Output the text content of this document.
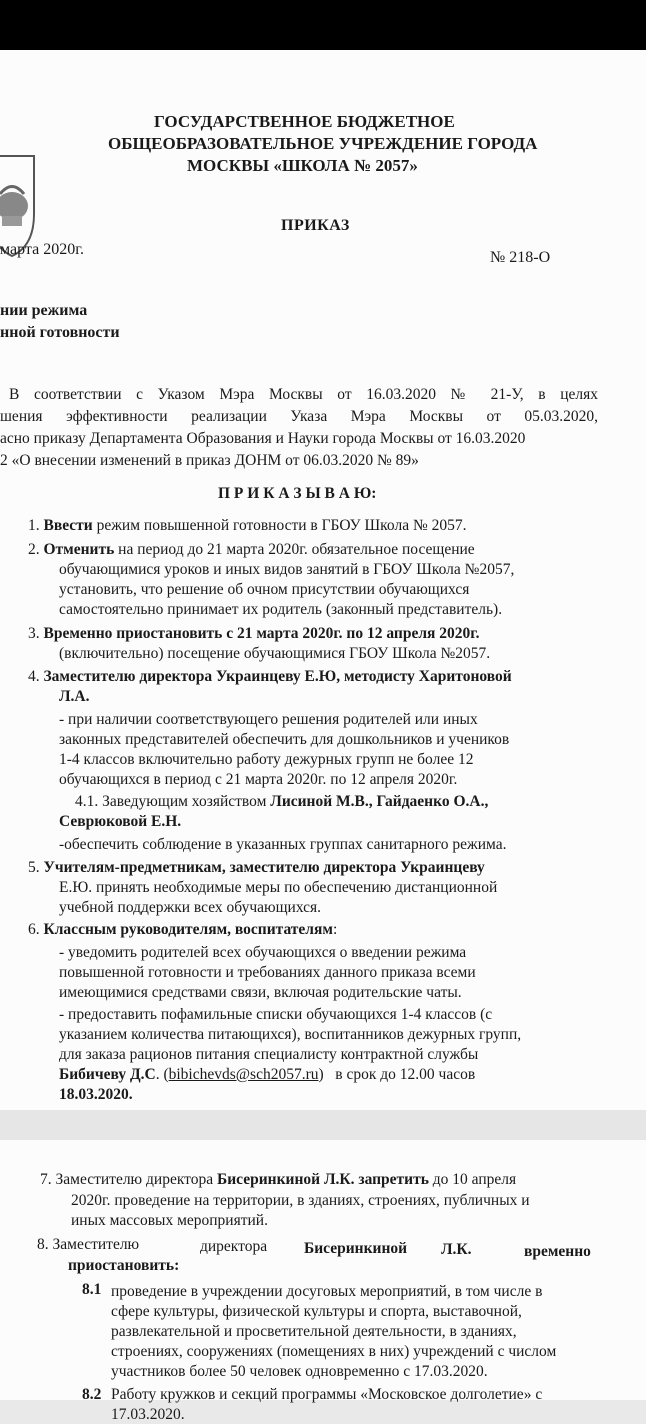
ГОСУДАРСТВЕННОЕ БЮДЖЕТНОЕ
ОБЩЕОБРАЗОВАТЕЛЬНОЕ УЧРЕЖДЕНИЕ ГОРОДА
МОСКВЫ «ШКОЛА № 2057»
ПРИКАЗ
марта 2020г.	№ 218-О
нии режима
нной готовности
В соответствии с Указом Мэра Москвы от 16.03.2020 № 21-У, в целях
шения эффективности реализации Указа Мэра Москвы от 05.03.2020,
асно приказу Департамента Образования и Науки города Москвы от 16.03.2020
2 «О внесении изменений в приказ ДОНМ от 06.03.2020 № 89»
П Р И К А З Ы В А Ю:
1. Ввести режим повышенной готовности в ГБОУ Школа № 2057.
2. Отменить на период до 21 марта 2020г. обязательное посещение
обучающимися уроков и иных видов занятий в ГБОУ Школа №2057,
установить, что решение об очном присутствии обучающихся
самостоятельно принимает их родитель (законный представитель).
3. Временно приостановить с 21 марта 2020г. по 12 апреля 2020г.
(включительно) посещение обучающимися ГБОУ Школа №2057.
4. Заместителю директора Украинцеву Е.Ю, методисту Харитоновой
Л.А.
- при наличии соответствующего решения родителей или иных
законных представителей обеспечить для дошкольников и учеников
1-4 классов включительно работу дежурных групп не более 12
обучающихся в период с 21 марта 2020г. по 12 апреля 2020г.
4.1. Заведующим хозяйством Лисиной М.В., Гайдаенко О.А.,
Севрюковой Е.Н.
-обеспечить соблюдение в указанных группах санитарного режима.
5. Учителям-предметникам, заместителю директора Украинцеву
Е.Ю. принять необходимые меры по обеспечению дистанционной
учебной поддержки всех обучающихся.
6. Классным руководителям, воспитателям:
- уведомить родителей всех обучающихся о введении режима
повышенной готовности и требованиях данного приказа всеми
имеющимися средствами связи, включая родительские чаты.
- предоставить пофамильные списки обучающихся 1-4 классов (с
указанием количества питающихся), воспитанников дежурных групп,
для заказа рационов питания специалисту контрактной службы
Бибичеву Д.С. (bibichevds@sch2057.ru)   в срок до 12.00 часов
18.03.2020.
7. Заместителю директора Бисеринкиной Л.К. запретить до 10 апреля
2020г. проведение на территории, в зданиях, строениях, публичных и
иных массовых мероприятий.
8. Заместителю	директора Бисеринкиной Л.К.	временно
приостановить:
8.1 проведение в учреждении досуговых мероприятий, в том числе в
сфере культуры, физической культуры и спорта, выставочной,
развлекательной и просветительной деятельности, в зданиях,
строениях, сооружениях (помещениях в них) учреждений с числом
участников более 50 человек одновременно с 17.03.2020.
8.2 Работу кружков и секций программы «Московское долголетие» с
17.03.2020.
